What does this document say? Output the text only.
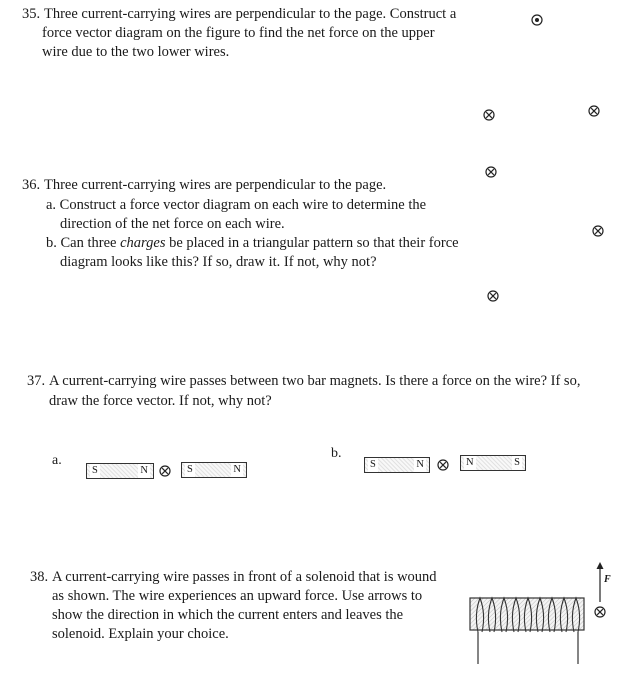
35. Three current-carrying wires are perpendicular to the page. Construct a
force vector diagram on the figure to find the net force on the upper
wire due to the two lower wires.
36. Three current-carrying wires are perpendicular to the page.
a. Construct a force vector diagram on each wire to determine the
direction of the net force on each wire.
b. Can three charges be placed in a triangular pattern so that their force
diagram looks like this? If so, draw it. If not, why not?
37. A current-carrying wire passes between two bar magnets. Is there a force on the wire? If so,
draw the force vector. If not, why not?
a.
S	N	S	N
b.
S	N	N	S
38. A current-carrying wire passes in front of a solenoid that is wound
as shown. The wire experiences an upward force. Use arrows to
show the direction in which the current enters and leaves the
solenoid. Explain your choice.
F
